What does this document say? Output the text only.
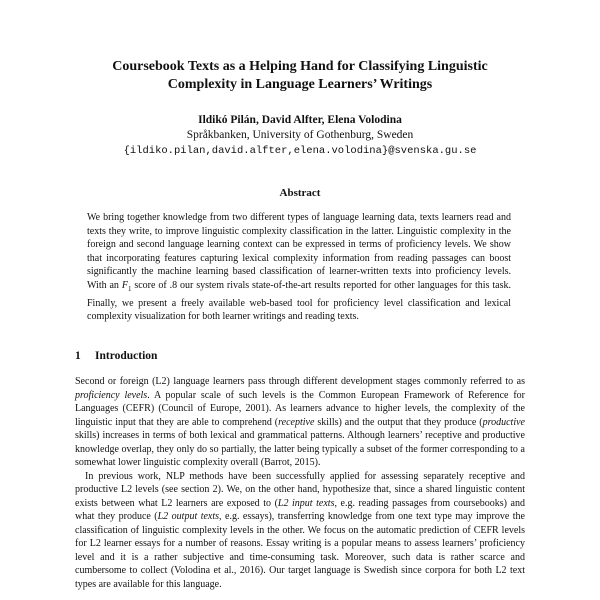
Coursebook Texts as a Helping Hand for Classifying Linguistic
Complexity in Language Learners’ Writings
Ildikó Pilán, David Alfter, Elena Volodina
Språkbanken, University of Gothenburg, Sweden
{ildiko.pilan,david.alfter,elena.volodina}@svenska.gu.se
Abstract
We bring together knowledge from two different types of language learning data, texts learners read and texts they write, to improve linguistic complexity classification in the latter. Linguistic complexity in the foreign and second language learning context can be expressed in terms of proficiency levels. We show that incorporating features capturing lexical complexity information from reading passages can boost significantly the machine learning based classification of learner-written texts into proficiency levels. With an $F_1$ score of .8 our system rivals state-of-the-art results reported for other languages for this task. Finally, we present a freely available web-based tool for proficiency level classification and lexical complexity visualization for both learner writings and reading texts.
1 Introduction

Second or foreign (L2) language learners pass through different development stages commonly referred to as proficiency levels. A popular scale of such levels is the Common European Framework of Reference for Languages (CEFR) (Council of Europe, 2001). As learners advance to higher levels, the complexity of the linguistic input that they are able to comprehend (receptive skills) and the output that they produce (productive skills) increases in terms of both lexical and grammatical patterns. Although learners’ receptive and productive knowledge overlap, they only do so partially, the latter being typically a subset of the former corresponding to a somewhat lower linguistic complexity overall (Barrot, 2015).

In previous work, NLP methods have been successfully applied for assessing separately receptive and productive L2 levels (see section 2). We, on the other hand, hypothesize that, since a shared linguistic content exists between what L2 learners are exposed to (L2 input texts, e.g. reading passages from coursebooks) and what they produce (L2 output texts, e.g. essays), transferring knowledge from one text type may improve the classification of linguistic complexity levels in the other. We focus on the automatic prediction of CEFR levels for L2 learner essays for a number of reasons. Essay writing is a popular means to assess learners’ proficiency level and it is a rather subjective and time-consuming task. Moreover, such data is rather scarce and cumbersome to collect (Volodina et al., 2016). Our target language is Swedish since corpora for both L2 text types are available for this language.
